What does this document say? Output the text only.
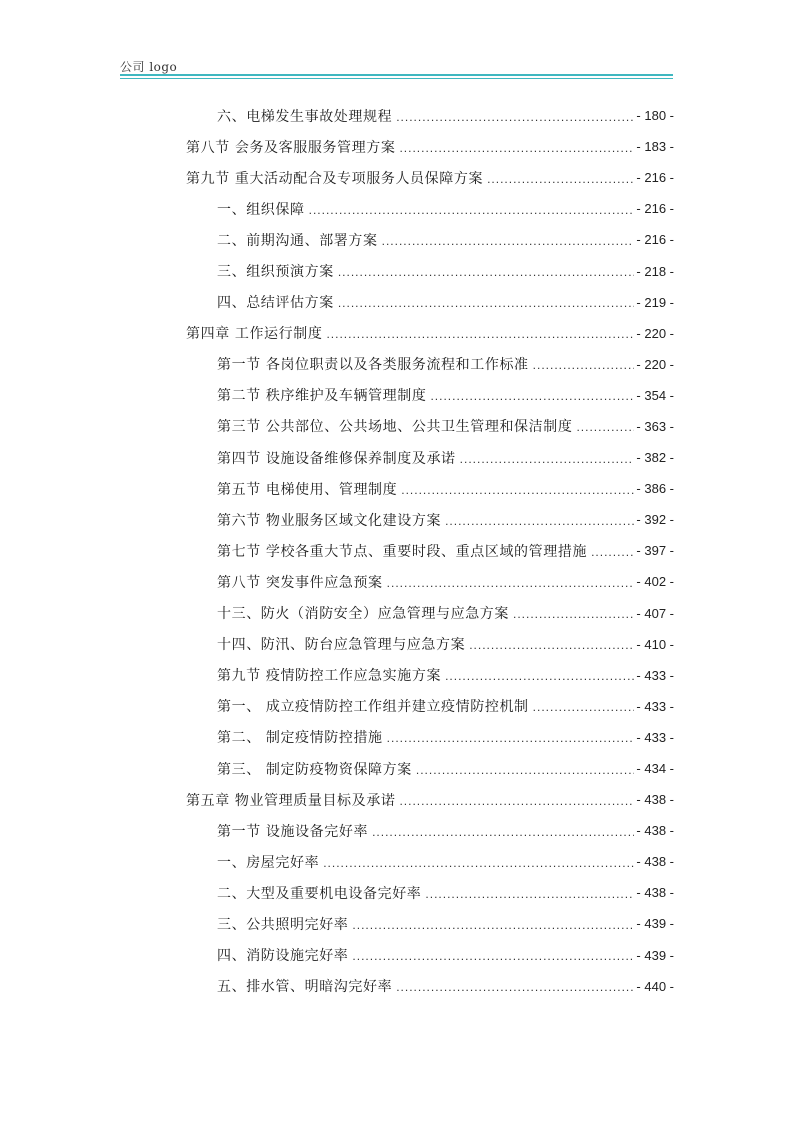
公司 logo
六、电梯发生事故处理规程 .....	- 180 -
第八节 会务及客服服务管理方案 .....	- 183 -
第九节 重大活动配合及专项服务人员保障方案 .....	- 216 -
一、组织保障 .....	- 216 -
二、前期沟通、部署方案 .....	- 216 -
三、组织预演方案 .....	- 218 -
四、总结评估方案 .....	- 219 -
第四章 工作运行制度 .....	- 220 -
第一节 各岗位职责以及各类服务流程和工作标准 .....	- 220 -
第二节 秩序维护及车辆管理制度 .....	- 354 -
第三节 公共部位、公共场地、公共卫生管理和保洁制度 .....	- 363 -
第四节 设施设备维修保养制度及承诺 .....	- 382 -
第五节 电梯使用、管理制度 .....	- 386 -
第六节 物业服务区域文化建设方案 .....	- 392 -
第七节 学校各重大节点、重要时段、重点区域的管理措施 .....	- 397 -
第八节 突发事件应急预案 .....	- 402 -
十三、防火（消防安全）应急管理与应急方案 .....	- 407 -
十四、防汛、防台应急管理与应急方案 .....	- 410 -
第九节 疫情防控工作应急实施方案 .....	- 433 -
第一、 成立疫情防控工作组并建立疫情防控机制 .....	- 433 -
第二、 制定疫情防控措施 .....	- 433 -
第三、 制定防疫物资保障方案 .....	- 434 -
第五章 物业管理质量目标及承诺 .....	- 438 -
第一节 设施设备完好率 .....	- 438 -
一、房屋完好率 .....	- 438 -
二、大型及重要机电设备完好率 .....	- 438 -
三、公共照明完好率 .....	- 439 -
四、消防设施完好率 .....	- 439 -
五、排水管、明暗沟完好率 .....	- 440 -
